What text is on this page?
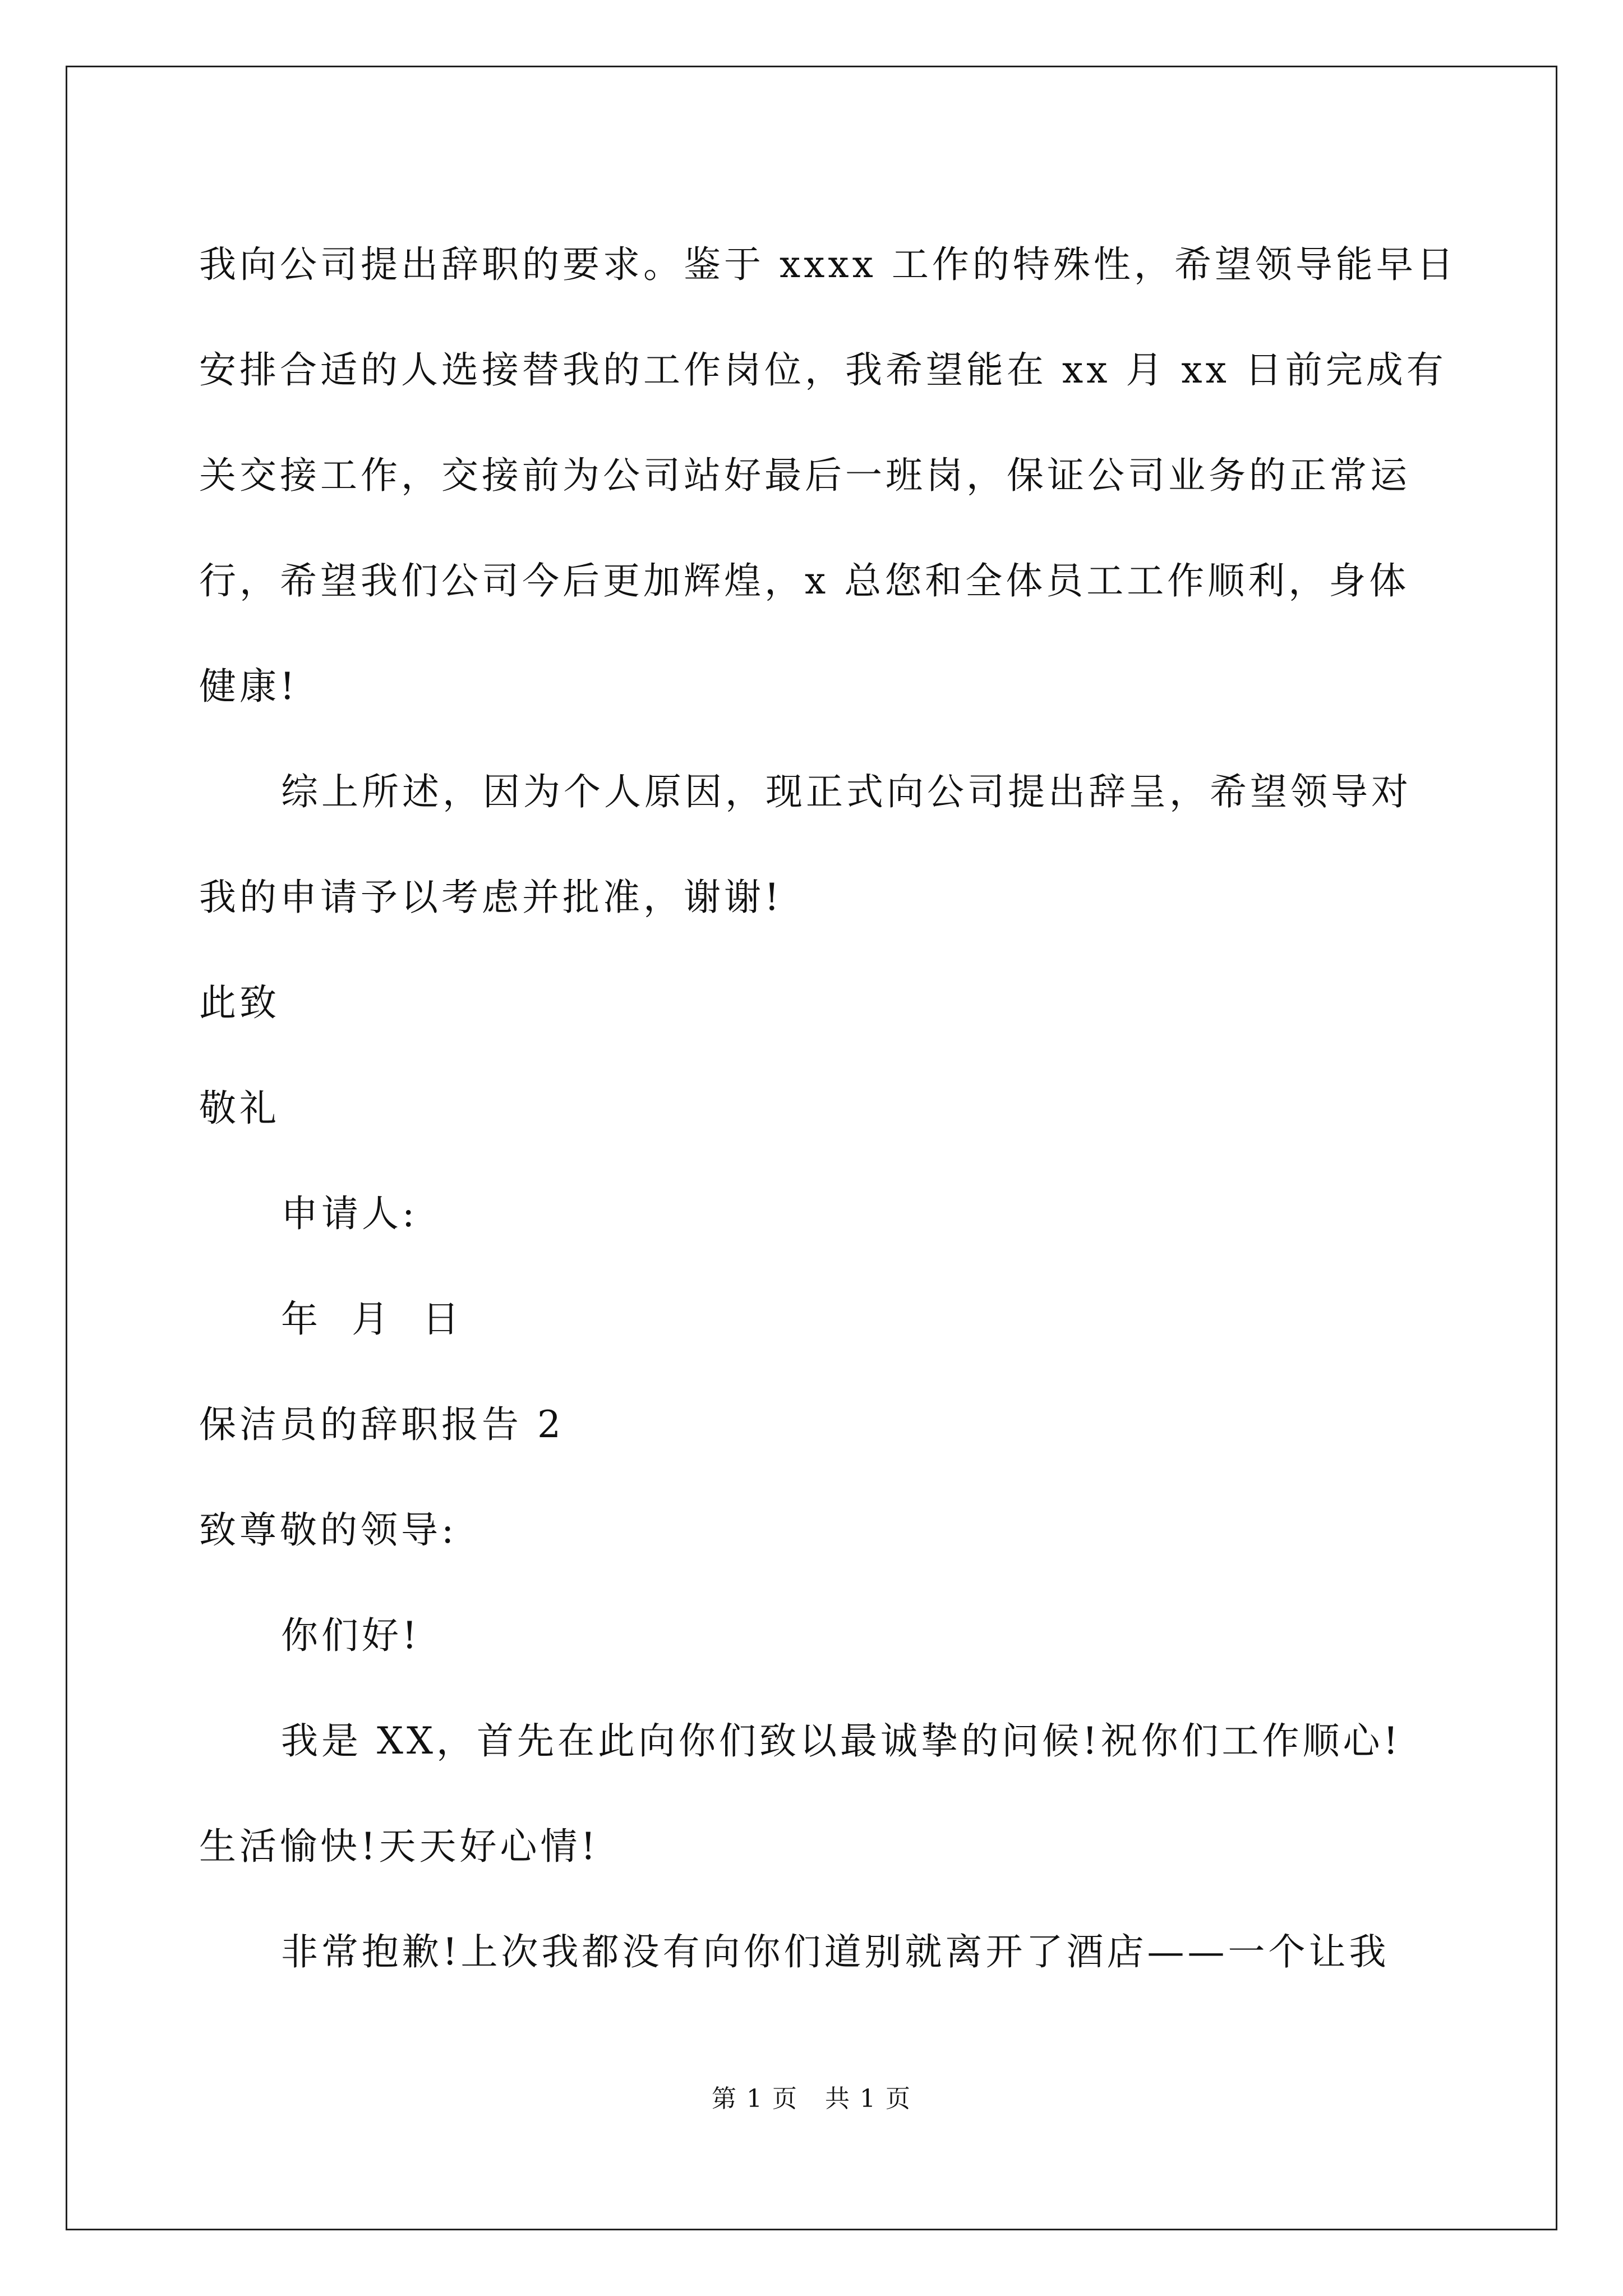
我向公司提出辞职的要求。鉴于 xxxx 工作的特殊性，希望领导能早日
安排合适的人选接替我的工作岗位，我希望能在 xx 月 xx 日前完成有
关交接工作，交接前为公司站好最后一班岗，保证公司业务的正常运
行，希望我们公司今后更加辉煌，x 总您和全体员工工作顺利，身体
健康!
综上所述，因为个人原因，现正式向公司提出辞呈，希望领导对
我的申请予以考虑并批准，谢谢!
此致
敬礼
申请人:
年  月  日
保洁员的辞职报告 2
致尊敬的领导:
你们好!
我是 XX，首先在此向你们致以最诚挚的问候!祝你们工作顺心!
生活愉快!天天好心情!
非常抱歉!上次我都没有向你们道别就离开了酒店——一个让我
第 1 页   共 1 页
